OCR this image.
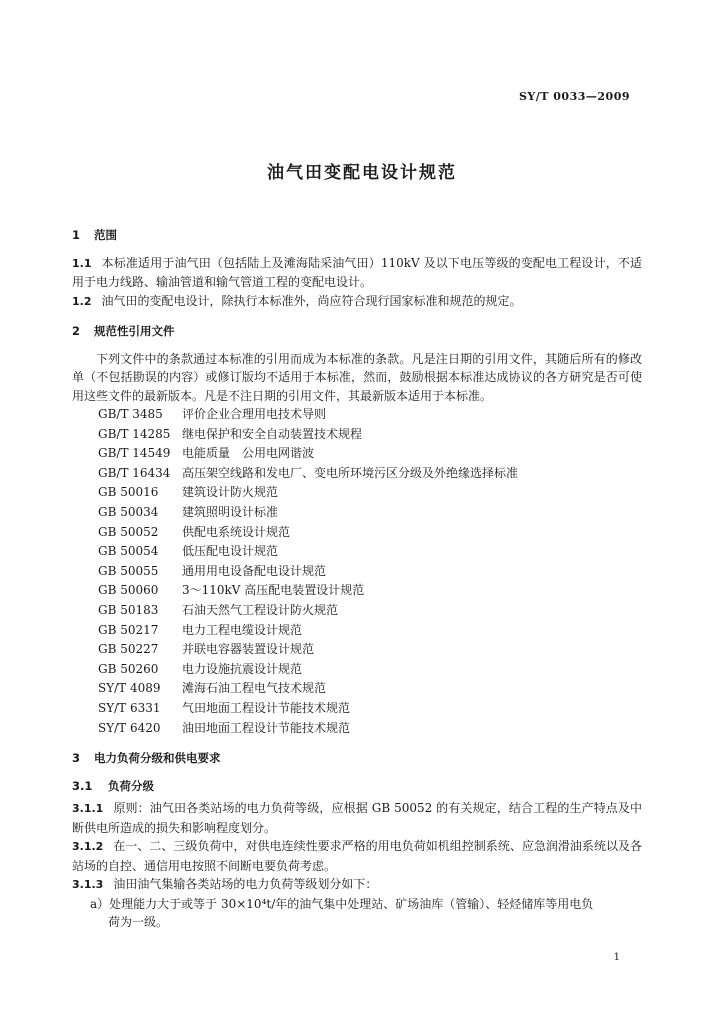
SY/T 0033—2009
油气田变配电设计规范

1 范围

1.1 本标准适用于油气田（包括陆上及滩海陆采油气田）110kV 及以下电压等级的变配电工程设计，不适用于电力线路、输油管道和输气管道工程的变配电设计。

1.2 油气田的变配电设计，除执行本标准外，尚应符合现行国家标准和规范的规定。

2 规范性引用文件

下列文件中的条款通过本标准的引用而成为本标准的条款。凡是注日期的引用文件，其随后所有的修改单（不包括勘误的内容）或修订版均不适用于本标准，然而，鼓励根据本标准达成协议的各方研究是否可使用这些文件的最新版本。凡是不注日期的引用文件，其最新版本适用于本标准。

GB/T 3485 评价企业合理用电技术导则
GB/T 14285 继电保护和安全自动装置技术规程
GB/T 14549 电能质量　公用电网谐波
GB/T 16434 高压架空线路和发电厂、变电所环境污区分级及外绝缘选择标准
GB 50016 建筑设计防火规范
GB 50034 建筑照明设计标准
GB 50052 供配电系统设计规范
GB 50054 低压配电设计规范
GB 50055 通用用电设备配电设计规范
GB 50060 3～110kV 高压配电装置设计规范
GB 50183 石油天然气工程设计防火规范
GB 50217 电力工程电缆设计规范
GB 50227 并联电容器装置设计规范
GB 50260 电力设施抗震设计规范
SY/T 4089 滩海石油工程电气技术规范
SY/T 6331 气田地面工程设计节能技术规范
SY/T 6420 油田地面工程设计节能技术规范

3 电力负荷分级和供电要求

3.1 负荷分级

3.1.1 原则：油气田各类站场的电力负荷等级，应根据 GB 50052 的有关规定，结合工程的生产特点及中断供电所造成的损失和影响程度划分。

3.1.2 在一、二、三级负荷中，对供电连续性要求严格的用电负荷如机组控制系统、应急润滑油系统以及各站场的自控、通信用电按照不间断电要负荷考虑。

3.1.3 油田油气集输各类站场的电力负荷等级划分如下：

a）处理能力大于或等于 30×10⁴t/年的油气集中处理站、矿场油库（管输）、轻烃储库等用电负

荷为一级。

1
